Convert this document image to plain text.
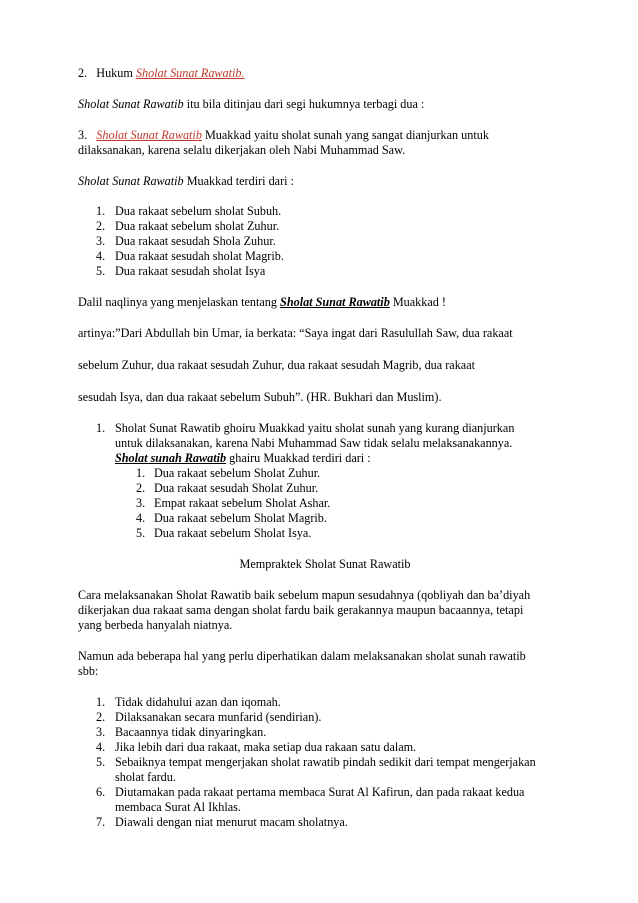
2. Hukum Sholat Sunat Rawatib.

Sholat Sunat Rawatib itu bila ditinjau dari segi hukumnya terbagi dua :

3. Sholat Sunat Rawatib Muakkad yaitu sholat sunah yang sangat dianjurkan untuk
dilaksanakan, karena selalu dikerjakan oleh Nabi Muhammad Saw.

Sholat Sunat Rawatib Muakkad terdiri dari :

1. Dua rakaat sebelum sholat Subuh.
2. Dua rakaat sebelum sholat Zuhur.
3. Dua rakaat sesudah Shola Zuhur.
4. Dua rakaat sesudah sholat Magrib.
5. Dua rakaat sesudah sholat Isya

Dalil naqlinya yang menjelaskan tentang Sholat Sunat Rawatib Muakkad !

artinya:”Dari Abdullah bin Umar, ia berkata: “Saya ingat dari Rasulullah Saw, dua rakaat

sebelum Zuhur, dua rakaat sesudah Zuhur, dua rakaat sesudah Magrib, dua rakaat

sesudah Isya, dan dua rakaat sebelum Subuh”. (HR. Bukhari dan Muslim).

1. Sholat Sunat Rawatib ghoiru Muakkad yaitu sholat sunah yang kurang dianjurkan
untuk dilaksanakan, karena Nabi Muhammad Saw tidak selalu melaksanakannya.
Sholat sunah Rawatib ghairu Muakkad terdiri dari :
1. Dua rakaat sebelum Sholat Zuhur.
2. Dua rakaat sesudah Sholat Zuhur.
3. Empat rakaat sebelum Sholat Ashar.
4. Dua rakaat sebelum Sholat Magrib.
5. Dua rakaat sebelum Sholat Isya.

Mempraktek Sholat Sunat Rawatib

Cara melaksanakan Sholat Rawatib baik sebelum mapun sesudahnya (qobliyah dan ba’diyah
dikerjakan dua rakaat sama dengan sholat fardu baik gerakannya maupun bacaannya, tetapi
yang berbeda hanyalah niatnya.

Namun ada beberapa hal yang perlu diperhatikan dalam melaksanakan sholat sunah rawatib
sbb:

1. Tidak didahului azan dan iqomah.
2. Dilaksanakan secara munfarid (sendirian).
3. Bacaannya tidak dinyaringkan.
4. Jika lebih dari dua rakaat, maka setiap dua rakaan satu dalam.
5. Sebaiknya tempat mengerjakan sholat rawatib pindah sedikit dari tempat mengerjakan
sholat fardu.
6. Diutamakan pada rakaat pertama membaca Surat Al Kafirun, dan pada rakaat kedua
membaca Surat Al Ikhlas.
7. Diawali dengan niat menurut macam sholatnya.
